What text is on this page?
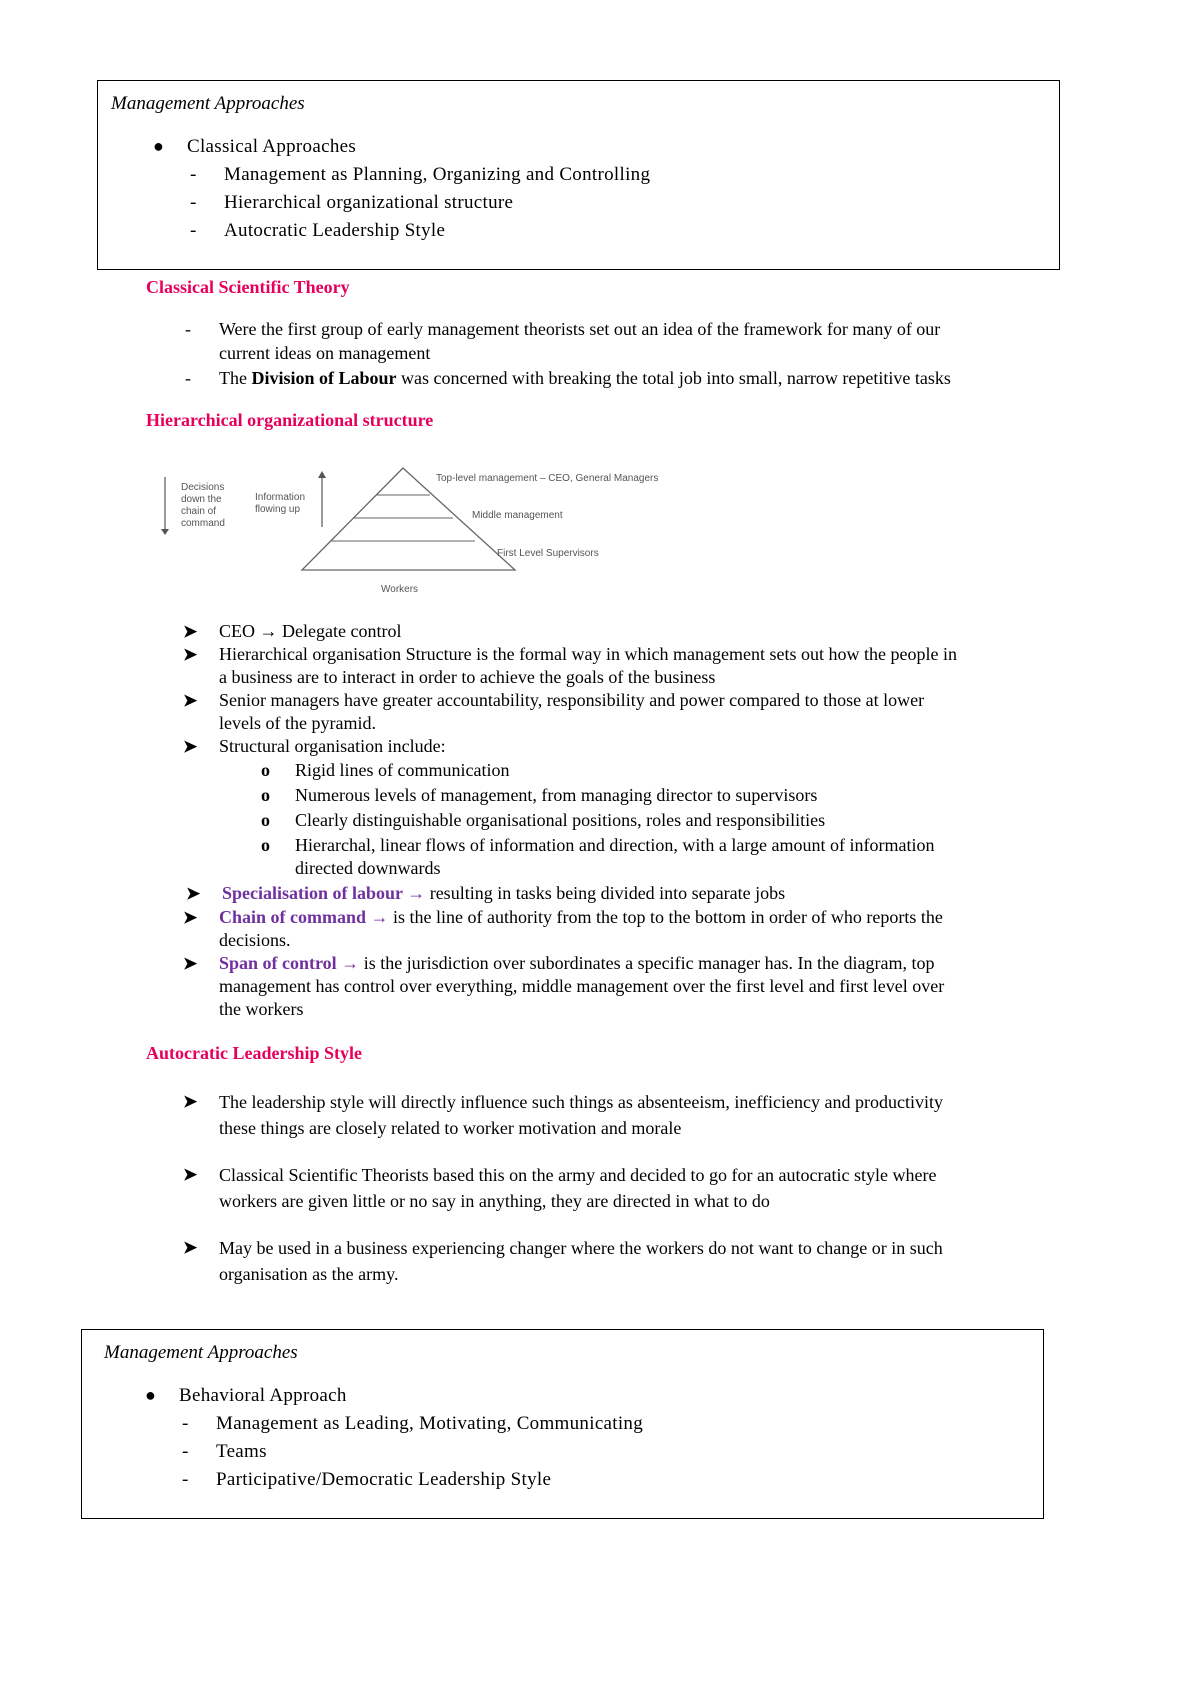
Management Approaches
● Classical Approaches
- Management as Planning, Organizing and Controlling
- Hierarchical organizational structure
- Autocratic Leadership Style
Classical Scientific Theory
- Were the first group of early management theorists set out an idea of the framework for many of our
current ideas on management
- The Division of Labour was concerned with breaking the total job into small, narrow repetitive tasks
Hierarchical organizational structure
Decisions down the chain of command
Information flowing up
Top-level management – CEO, General Managers
Middle management
First Level Supervisors
Workers
➤ CEO → Delegate control
➤ Hierarchical organisation Structure is the formal way in which management sets out how the people in
a business are to interact in order to achieve the goals of the business
➤ Senior managers have greater accountability, responsibility and power compared to those at lower
levels of the pyramid.
➤ Structural organisation include:
o Rigid lines of communication
o Numerous levels of management, from managing director to supervisors
o Clearly distinguishable organisational positions, roles and responsibilities
o Hierarchal, linear flows of information and direction, with a large amount of information
directed downwards
➤ Specialisation of labour → resulting in tasks being divided into separate jobs
➤ Chain of command → is the line of authority from the top to the bottom in order of who reports the
decisions.
➤ Span of control → is the jurisdiction over subordinates a specific manager has. In the diagram, top
management has control over everything, middle management over the first level and first level over
the workers
Autocratic Leadership Style
➤ The leadership style will directly influence such things as absenteeism, inefficiency and productivity
these things are closely related to worker motivation and morale
➤ Classical Scientific Theorists based this on the army and decided to go for an autocratic style where
workers are given little or no say in anything, they are directed in what to do
➤ May be used in a business experiencing changer where the workers do not want to change or in such
organisation as the army.
Management Approaches
● Behavioral Approach
- Management as Leading, Motivating, Communicating
- Teams
- Participative/Democratic Leadership Style
